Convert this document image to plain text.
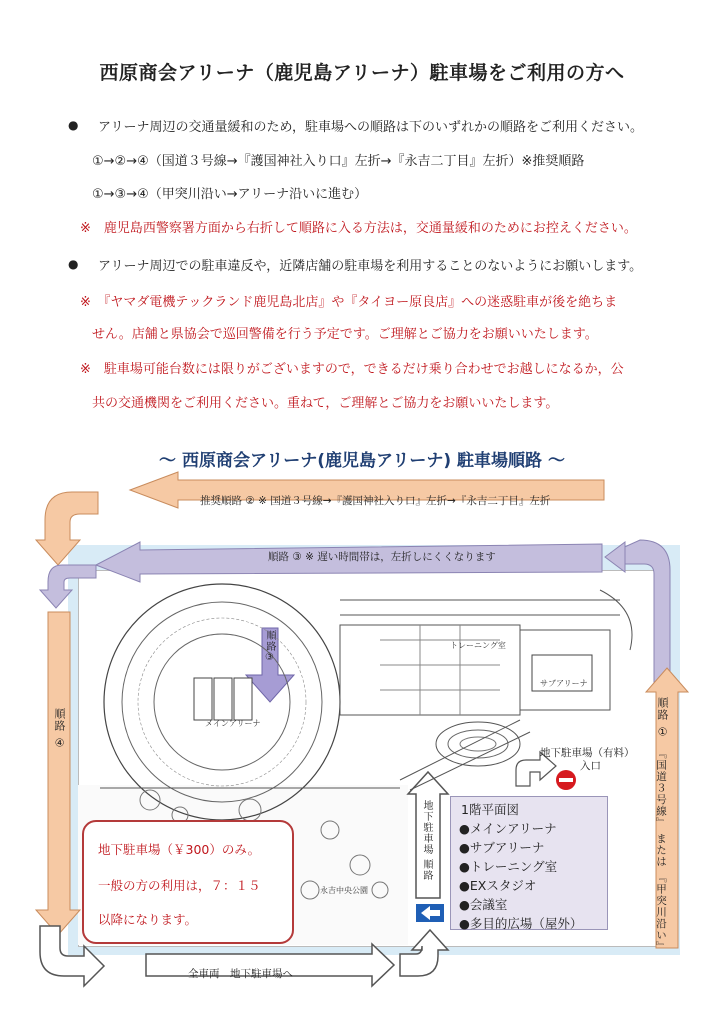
西原商会アリーナ（鹿児島アリーナ）駐車場をご利用の方へ
● アリーナ周辺の交通量緩和のため，駐車場への順路は下のいずれかの順路をご利用ください。
①→②→④（国道３号線→『護国神社入り口』左折→『永吉二丁目』左折）※推奨順路
①→③→④（甲突川沿い→アリーナ沿いに進む）
※　鹿児島西警察署方面から右折して順路に入る方法は，交通量緩和のためにお控えください。
● アリーナ周辺での駐車違反や，近隣店舗の駐車場を利用することのないようにお願いします。
※　『ヤマダ電機テックランド鹿児島北店』や『タイヨー原良店』への迷惑駐車が後を絶ちま
せん。店舗と県協会で巡回警備を行う予定です。ご理解とご協力をお願いいたします。
※　駐車場可能台数には限りがございますので，できるだけ乗り合わせでお越しになるか，公
共の交通機関をご利用ください。重ねて，ご理解とご協力をお願いいたします。
～ 西原商会アリーナ(鹿児島アリーナ) 駐車場順路 ～
推奨順路 ② ※ 国道３号線→『護国神社入り口』左折→『永吉二丁目』左折
順路 ③ ※ 遅い時間帯は，左折しにくくなります
順路 ①
『国道３号線』 または 『甲突川沿い』
順路 ④
順路③
地下駐車場 順路
全車両　地下駐車場へ
地下駐車場（有料）
入口
メインアリーナ
サブアリーナ
トレーニング室
永吉中央公園
1階平面図
●メインアリーナ
●サブアリーナ
●トレーニング室
●EXスタジオ
●会議室
●多目的広場（屋外）
地下駐車場（￥300）のみ。
一般の方の利用は，７：１５
以降になります。
